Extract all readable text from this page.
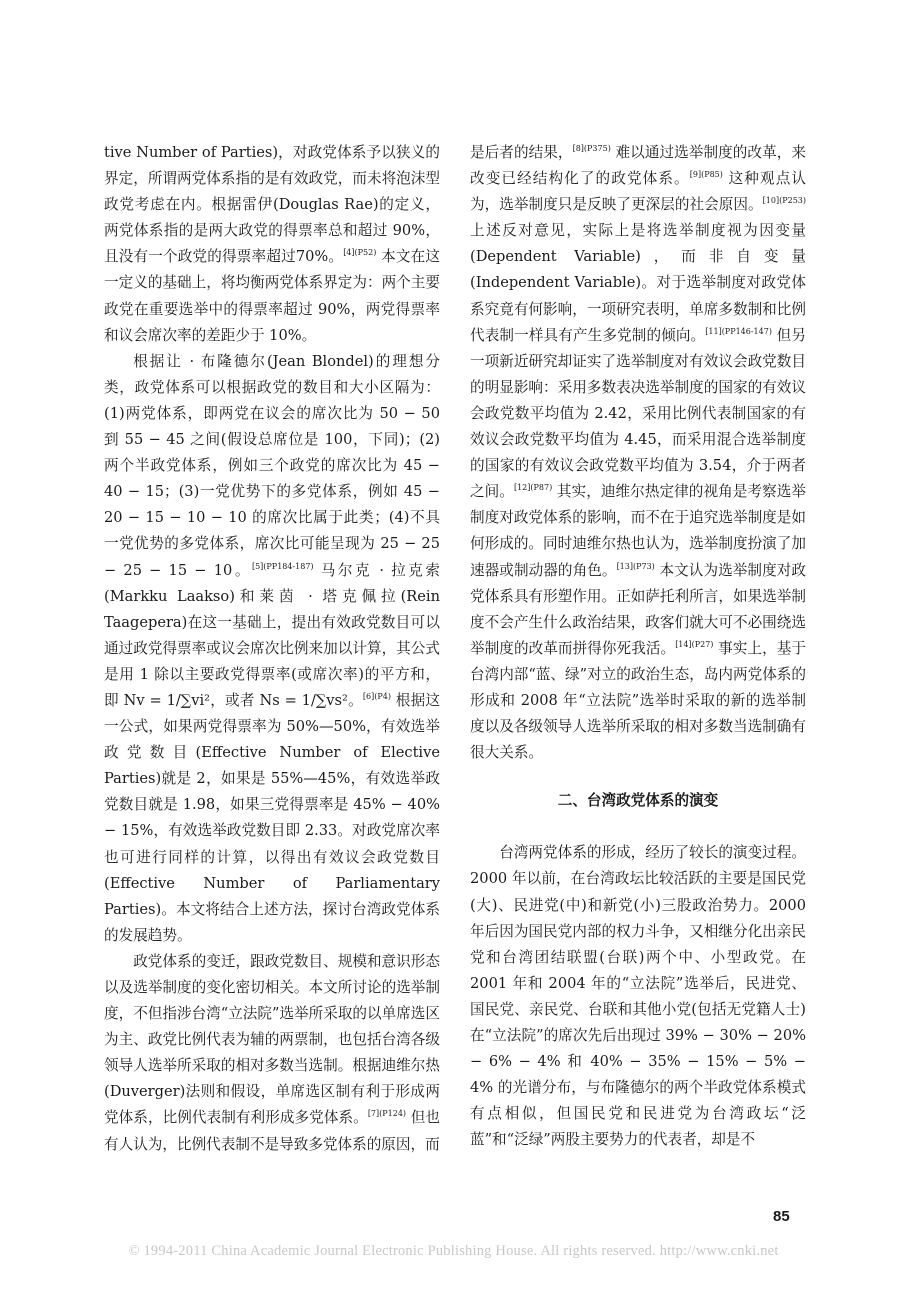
tive Number of Parties)，对政党体系予以狭义的界定，所谓两党体系指的是有效政党，而未将泡沫型政党考虑在内。根据雷伊(Douglas Rae)的定义，两党体系指的是两大政党的得票率总和超过 90%，且没有一个政党的得票率超过70%。$^{[4](P52)}$ 本文在这一定义的基础上，将均衡两党体系界定为：两个主要政党在重要选举中的得票率超过 90%，两党得票率和议会席次率的差距少于 10%。

根据让 · 布隆德尔(Jean Blondel)的理想分类，政党体系可以根据政党的数目和大小区隔为：(1)两党体系，即两党在议会的席次比为 50 − 50 到 55 − 45 之间(假设总席位是 100，下同)；(2)两个半政党体系，例如三个政党的席次比为 45 − 40 − 15；(3)一党优势下的多党体系，例如 45 − 20 − 15 − 10 − 10 的席次比属于此类；(4)不具一党优势的多党体系，席次比可能呈现为 25 − 25 − 25 − 15 − 10。$^{[5](PP184-187)}$ 马尔克 · 拉克索(Markku Laakso)和莱茵 · 塔克佩拉(Rein Taagepera)在这一基础上，提出有效政党数目可以通过政党得票率或议会席次比例来加以计算，其公式是用 1 除以主要政党得票率(或席次率)的平方和，即 Nv = 1/∑vi²，或者 Ns = 1/∑vs²。$^{[6](P4)}$ 根据这一公式，如果两党得票率为 50%—50%，有效选举政党数目(Effective Number of Elective Parties)就是 2，如果是 55%—45%，有效选举政党数目就是 1.98，如果三党得票率是 45% − 40% − 15%，有效选举政党数目即 2.33。对政党席次率也可进行同样的计算，以得出有效议会政党数目(Effective Number of Parliamentary Parties)。本文将结合上述方法，探讨台湾政党体系的发展趋势。

政党体系的变迁，跟政党数目、规模和意识形态以及选举制度的变化密切相关。本文所讨论的选举制度，不但指涉台湾“立法院”选举所采取的以单席选区为主、政党比例代表为辅的两票制，也包括台湾各级领导人选举所采取的相对多数当选制。根据迪维尔热(Duverger)法则和假设，单席选区制有利于形成两党体系，比例代表制有利形成多党体系。$^{[7](P124)}$ 但也有人认为，比例代表制不是导致多党体系的原因，而

是后者的结果，$^{[8](P375)}$ 难以通过选举制度的改革，来改变已经结构化了的政党体系。$^{[9](P85)}$ 这种观点认为，选举制度只是反映了更深层的社会原因。$^{[10](P253)}$ 上述反对意见，实际上是将选举制度视为因变量(Dependent Variable)，而非自变量(Independent Variable)。对于选举制度对政党体系究竟有何影响，一项研究表明，单席多数制和比例代表制一样具有产生多党制的倾向。$^{[11](PP146-147)}$ 但另一项新近研究却证实了选举制度对有效议会政党数目的明显影响：采用多数表决选举制度的国家的有效议会政党数平均值为 2.42，采用比例代表制国家的有效议会政党数平均值为 4.45，而采用混合选举制度的国家的有效议会政党数平均值为 3.54，介于两者之间。$^{[12](P87)}$ 其实，迪维尔热定律的视角是考察选举制度对政党体系的影响，而不在于追究选举制度是如何形成的。同时迪维尔热也认为，选举制度扮演了加速器或制动器的角色。$^{[13](P73)}$ 本文认为选举制度对政党体系具有形塑作用。正如萨托利所言，如果选举制度不会产生什么政治结果，政客们就大可不必围绕选举制度的改革而拼得你死我活。$^{[14](P27)}$ 事实上，基于台湾内部“蓝、绿”对立的政治生态，岛内两党体系的形成和 2008 年“立法院”选举时采取的新的选举制度以及各级领导人选举所采取的相对多数当选制确有很大关系。

二、台湾政党体系的演变

台湾两党体系的形成，经历了较长的演变过程。2000 年以前，在台湾政坛比较活跃的主要是国民党(大)、民进党(中)和新党(小)三股政治势力。2000 年后因为国民党内部的权力斗争，又相继分化出亲民党和台湾团结联盟(台联)两个中、小型政党。在 2001 年和 2004 年的“立法院”选举后，民进党、国民党、亲民党、台联和其他小党(包括无党籍人士)在“立法院”的席次先后出现过 39% − 30% − 20% − 6% − 4% 和 40% − 35% − 15% − 5% − 4% 的光谱分布，与布隆德尔的两个半政党体系模式有点相似，但国民党和民进党为台湾政坛“泛蓝”和“泛绿”两股主要势力的代表者，却是不

85
© 1994-2011 China Academic Journal Electronic Publishing House. All rights reserved. http://www.cnki.net
